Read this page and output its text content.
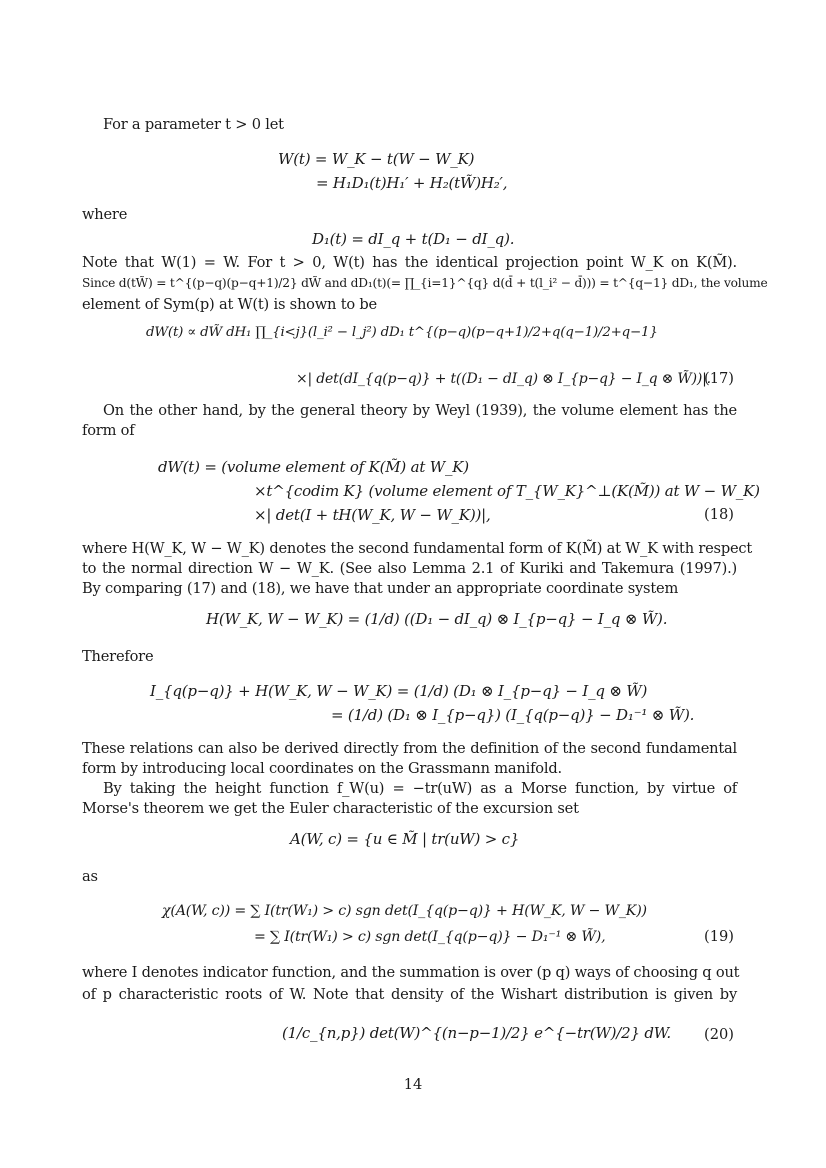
For a parameter t > 0 let
W(t) = W_K − t(W − W_K)
= H₁D₁(t)H₁′ + H₂(tW̃)H₂′,
where
D₁(t) = dI_q + t(D₁ − dI_q).
Note that W(1) = W. For t > 0, W(t) has the identical projection point W_K on K(M̃).
Since d(tW̃) = t^{(p−q)(p−q+1)/2} dW̃ and dD₁(t)(= ∏_{i=1}^{q} d(d̄ + t(l_i² − d̄))) = t^{q−1} dD₁, the volume
element of Sym(p) at W(t) is shown to be
dW(t) ∝ dW̃ dH₁ ∏_{i<j}(l_i² − l_j²) dD₁ t^{(p−q)(p−q+1)/2+q(q−1)/2+q−1}
×| det(dI_{q(p−q)} + t((D₁ − dI_q) ⊗ I_{p−q} − I_q ⊗ W̃))|.
(17)
On the other hand, by the general theory by Weyl (1939), the volume element has the
form of
dW(t) = (volume element of K(M̃) at W_K)
×t^{codim K} (volume element of T_{W_K}^⊥(K(M̃)) at W − W_K)
×| det(I + tH(W_K, W − W_K))|,	(18)
where H(W_K, W − W_K) denotes the second fundamental form of K(M̃) at W_K with respect
to the normal direction W − W_K. (See also Lemma 2.1 of Kuriki and Takemura (1997).)
By comparing (17) and (18), we have that under an appropriate coordinate system
H(W_K, W − W_K) = (1/d) ((D₁ − dI_q) ⊗ I_{p−q} − I_q ⊗ W̃).
Therefore
I_{q(p−q)} + H(W_K, W − W_K) = (1/d) (D₁ ⊗ I_{p−q} − I_q ⊗ W̃)
= (1/d) (D₁ ⊗ I_{p−q}) (I_{q(p−q)} − D₁⁻¹ ⊗ W̃).
These relations can also be derived directly from the definition of the second fundamental
form by introducing local coordinates on the Grassmann manifold.
By taking the height function f_W(u) = −tr(uW) as a Morse function, by virtue of
Morse's theorem we get the Euler characteristic of the excursion set
A(W, c) = {u ∈ M̃ | tr(uW) > c}
as
χ(A(W, c)) = ∑ I(tr(W₁) > c) sgn det(I_{q(p−q)} + H(W_K, W − W_K))
= ∑ I(tr(W₁) > c) sgn det(I_{q(p−q)} − D₁⁻¹ ⊗ W̃),	(19)
where I denotes indicator function, and the summation is over (p q) ways of choosing q out
of p characteristic roots of W. Note that density of the Wishart distribution is given by
(1/c_{n,p}) det(W)^{(n−p−1)/2} e^{−tr(W)/2} dW. (20)
14
